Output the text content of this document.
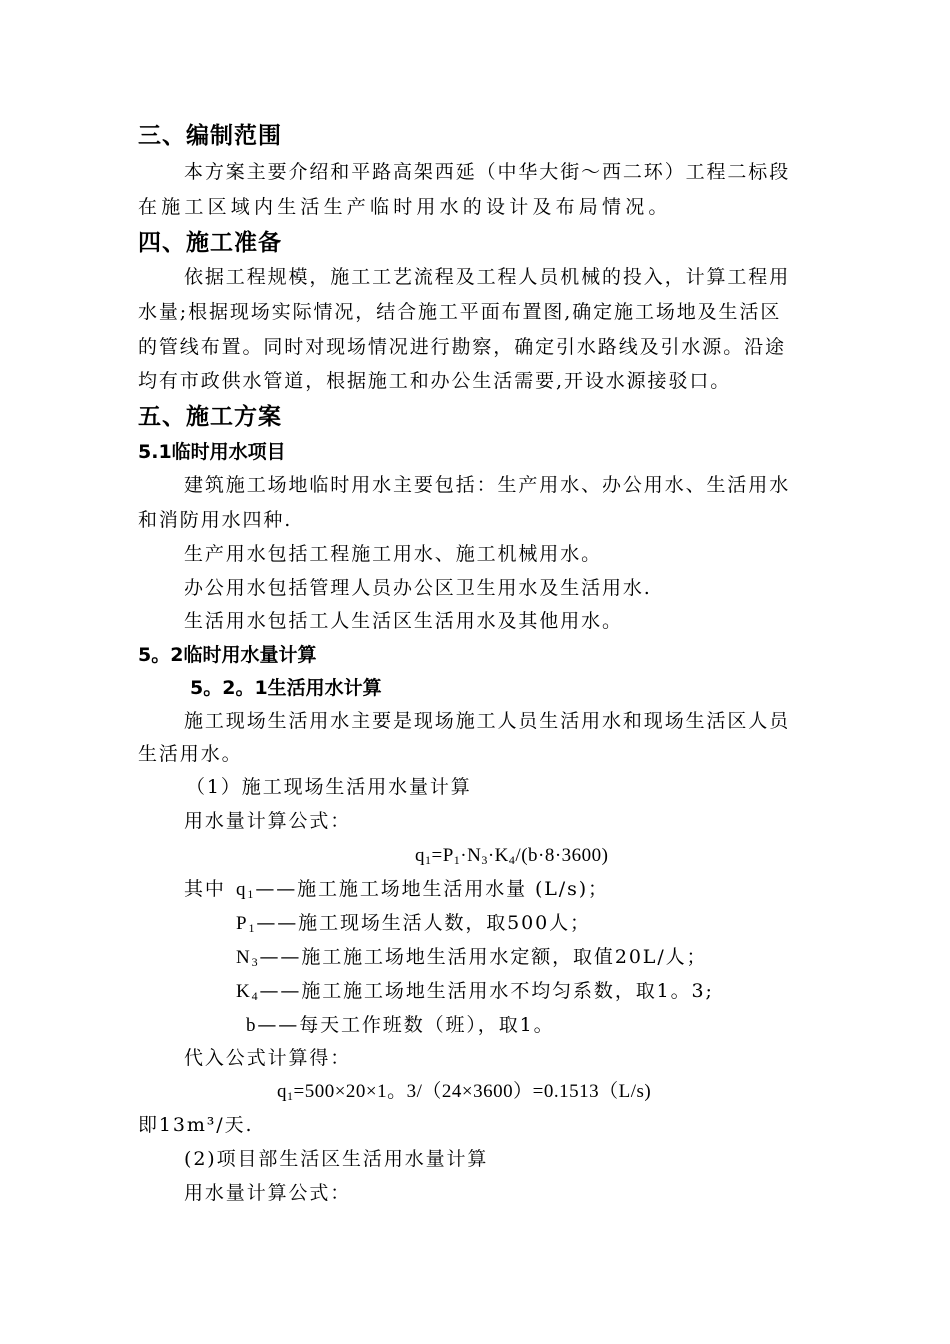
三、编制范围
本方案主要介绍和平路高架西延（中华大街～西二环）工程二标段
在施工区域内生活生产临时用水的设计及布局情况。
四、施工准备
依据工程规模，施工工艺流程及工程人员机械的投入，计算工程用
水量;根据现场实际情况，结合施工平面布置图,确定施工场地及生活区
的管线布置。同时对现场情况进行勘察，确定引水路线及引水源。沿途
均有市政供水管道，根据施工和办公生活需要,开设水源接驳口。
五、施工方案
5.1临时用水项目
建筑施工场地临时用水主要包括：生产用水、办公用水、生活用水
和消防用水四种.
生产用水包括工程施工用水、施工机械用水。
办公用水包括管理人员办公区卫生用水及生活用水.
生活用水包括工人生活区生活用水及其他用水。
5。2临时用水量计算
5。2。1生活用水计算
施工现场生活用水主要是现场施工人员生活用水和现场生活区人员
生活用水。
（1）施工现场生活用水量计算
用水量计算公式：
$q_1=P_1\cdot N_3\cdot K_4/(b\cdot 8\cdot 3600)$
其中 $q_1——$施工施工场地生活用水量 (L/s)；
$P_1——$施工现场生活人数，取500人；
$N_3——$施工施工场地生活用水定额，取值20L/人；
$K_4——$施工施工场地生活用水不均匀系数，取1。3;
b——每天工作班数（班），取1。
代入公式计算得：
$q_1=500\times 20\times 1$。3/（24×3600）=0.1513（L/s)
即13m³/天.
(2)项目部生活区生活用水量计算
用水量计算公式：
